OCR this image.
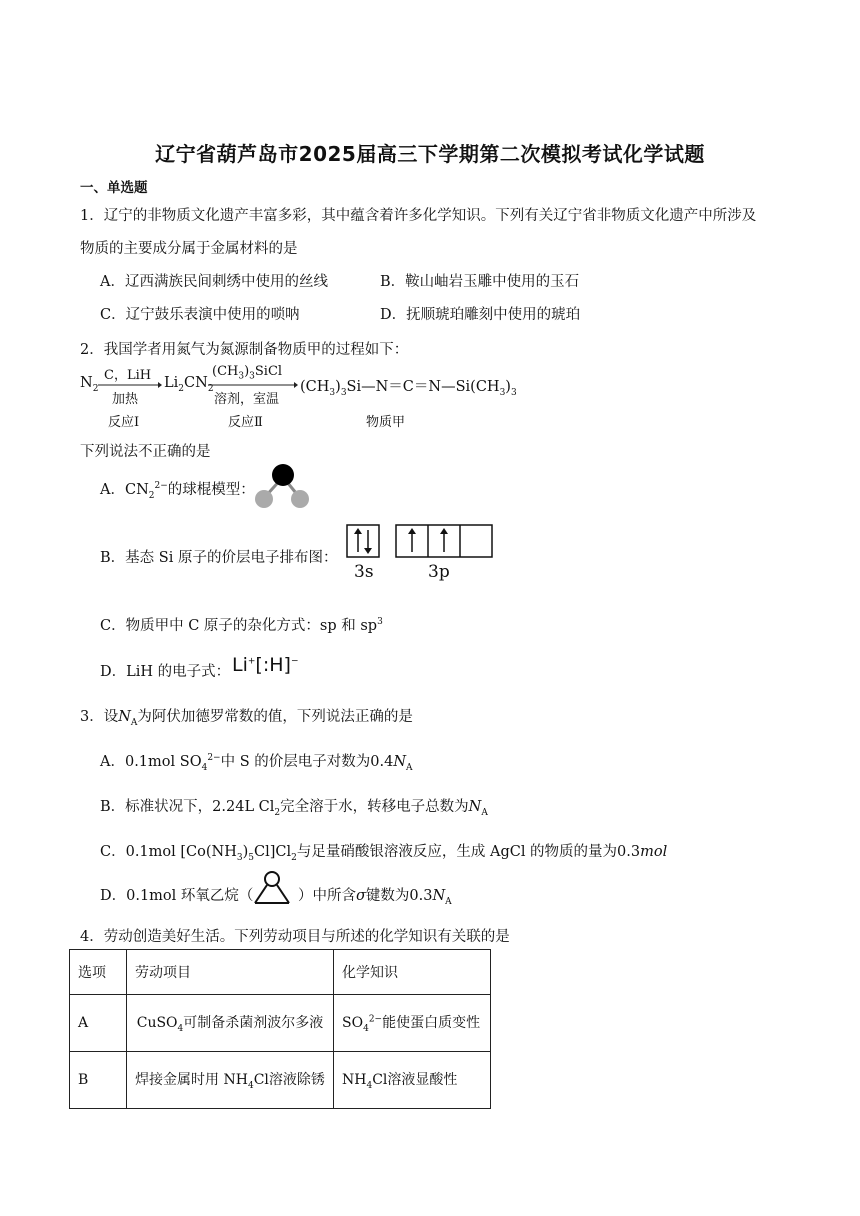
辽宁省葫芦岛市2025届高三下学期第二次模拟考试化学试题
一、单选题
1．辽宁的非物质文化遗产丰富多彩，其中蕴含着许多化学知识。下列有关辽宁省非物质文化遗产中所涉及
物质的主要成分属于金属材料的是
A．辽西满族民间刺绣中使用的丝线	B．鞍山岫岩玉雕中使用的玉石
C．辽宁鼓乐表演中使用的唢呐	D．抚顺琥珀雕刻中使用的琥珀
2．我国学者用氮气为氮源制备物质甲的过程如下：
$N_2$
C，LiH
加热
$Li_2CN_2$
$(CH_3)_3SiCl$
溶剂，室温
$(CH_3)_3Si—N=C=N—Si(CH_3)_3$
反应Ⅰ	反应Ⅱ	物质甲
下列说法不正确的是
A．$CN_2^{2-}$的球棍模型：
B．基态 Si 原子的价层电子排布图：
3s	3p
C．物质甲中 C 原子的杂化方式：sp 和 $sp^3$
D．LiH 的电子式： Li+[:H]−
3．设$N_A$为阿伏加德罗常数的值，下列说法正确的是
A．0.1mol $SO_4^{2-}$中 S 的价层电子对数为$0.4N_A$
B．标准状况下，2.24L $Cl_2$完全溶于水，转移电子总数为$N_A$
C．0.1mol $[Co(NH_3)_5Cl]Cl_2$与足量硝酸银溶液反应，生成 AgCl 的物质的量为0.3mol
D．0.1mol 环氧乙烷（	）中所含σ键数为$0.3N_A$
4．劳动创造美好生活。下列劳动项目与所述的化学知识有关联的是
选项	劳动项目	化学知识
A	CuSO$_4$可制备杀菌剂波尔多液	$SO_4^{2-}$能使蛋白质变性
B	焊接金属时用 $NH_4Cl$溶液除锈	$NH_4Cl$溶液显酸性
